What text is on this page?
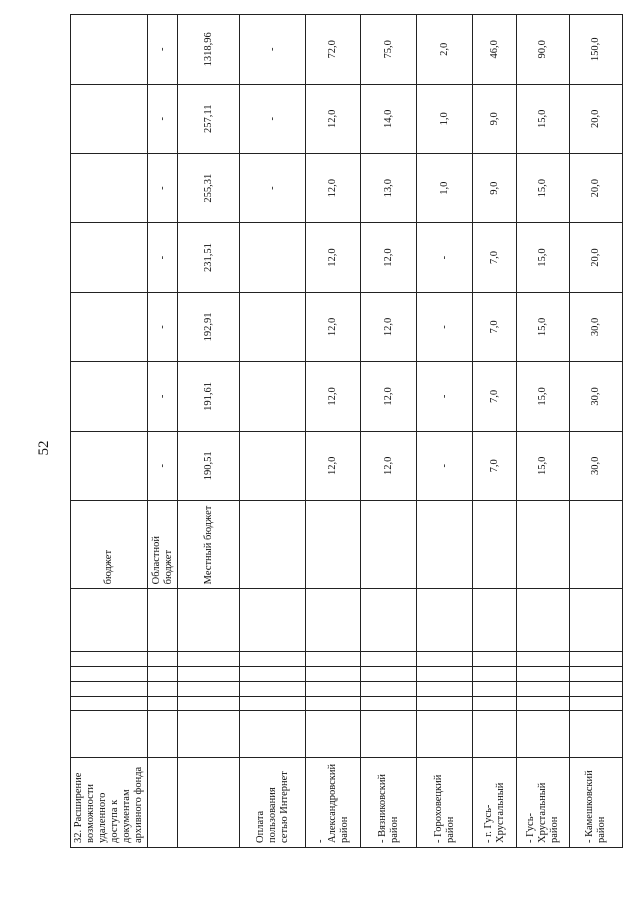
52
32. Расширение возможности удаленного доступа к документам архивного фонда							бюджет							
							Областной бюджет	-	-	-	-	-	-	-
							Местный бюджет	190,51	191,61	192,91	231,51	255,31	257,11	1318,96
Оплата пользования сетью Интернет												-	-	-
- Александровский район								12,0	12,0	12,0	12,0	12,0	12,0	72,0
- Вязниковский район								12,0	12,0	12,0	12,0	13,0	14,0	75,0
- Гороховецкий район								-	-	-	-	1,0	1,0	2,0
- г. Гусь-Хрустальный								7,0	7,0	7,0	7,0	9,0	9,0	46,0
- Гусь-Хрустальный район								15,0	15,0	15,0	15,0	15,0	15,0	90,0
- Камешковский район								30,0	30,0	30,0	20,0	20,0	20,0	150,0
